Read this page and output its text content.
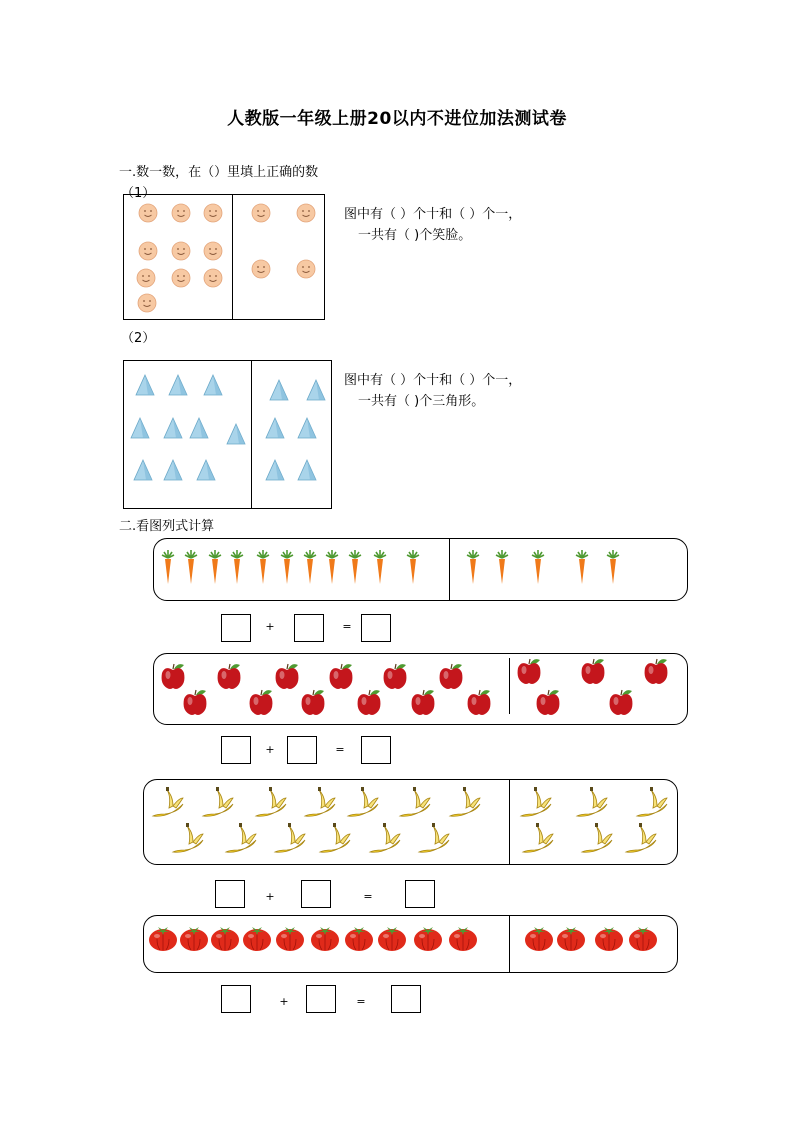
人教版一年级上册20以内不进位加法测试卷
一.数一数，在（）里填上正确的数
（1）
图中有（ ）个十和（ ）个一，
一共有（ )个笑脸。
（2）
图中有（ ）个十和（ ）个一，
一共有（ )个三角形。
二.看图列式计算
+	=
+	=
+	=
+	=
